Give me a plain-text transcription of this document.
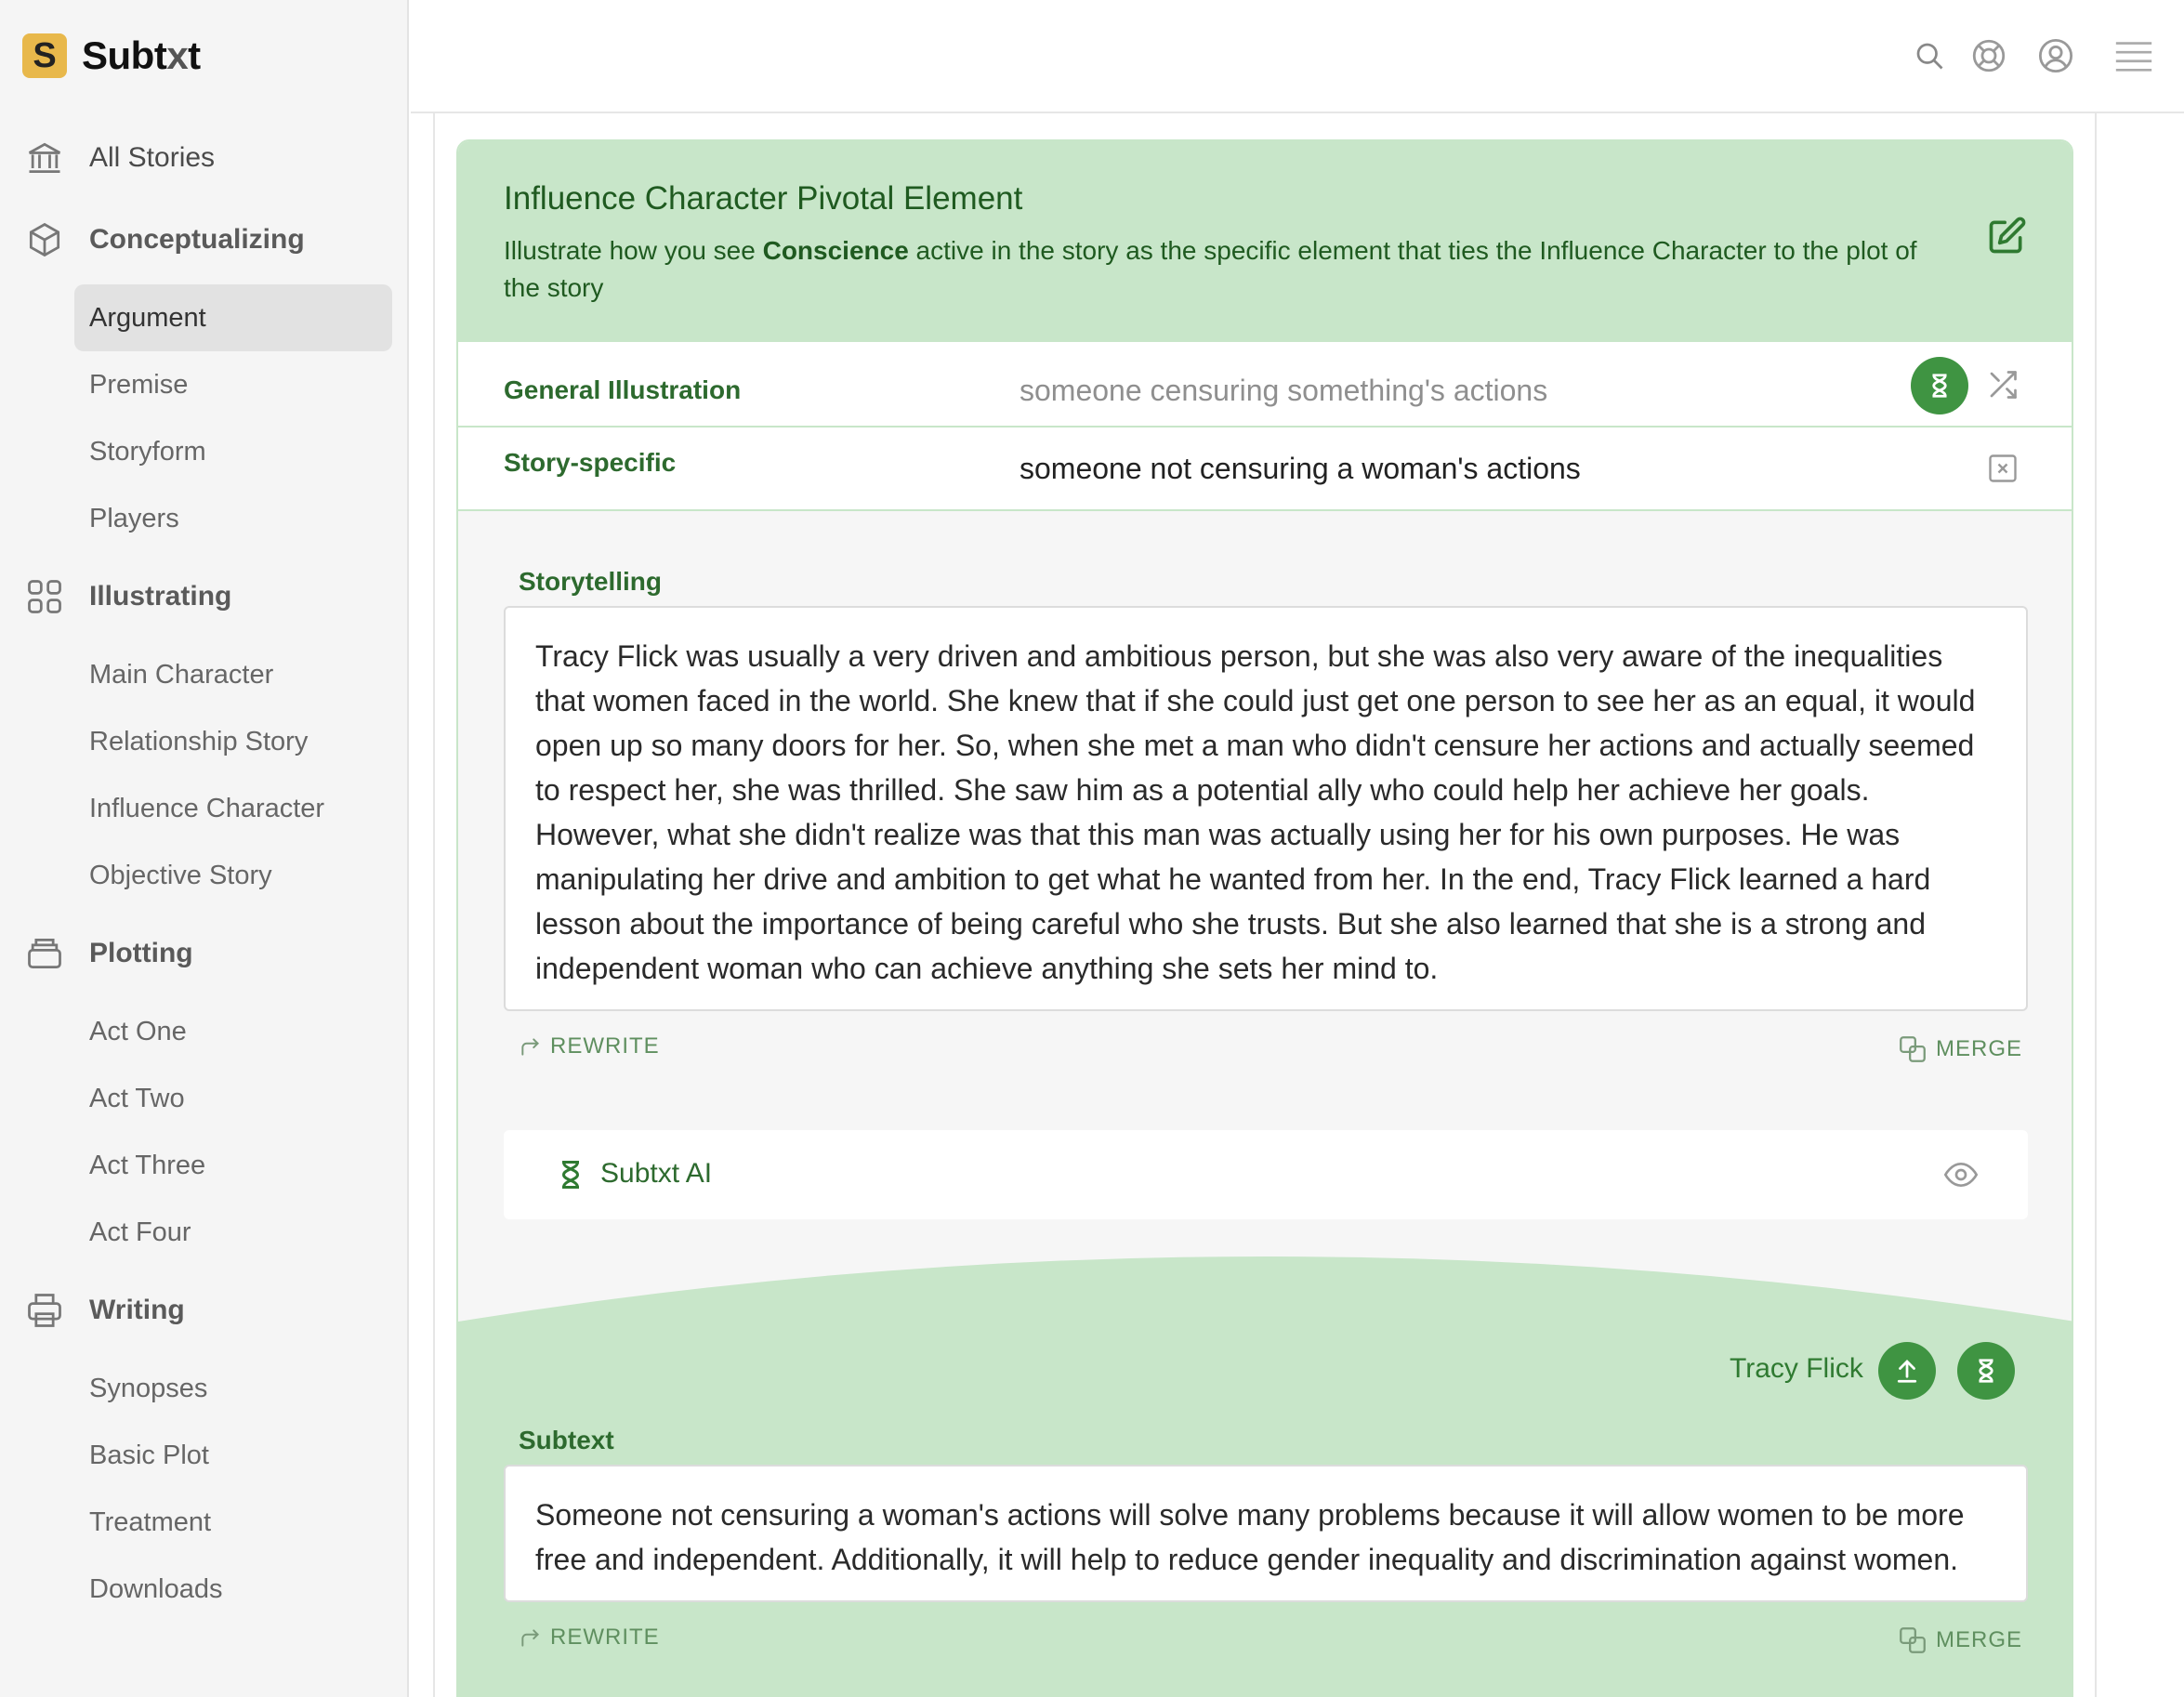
S Subtxt
All Stories
Conceptualizing
Argument
Premise
Storyform
Players
Illustrating
Main Character
Relationship Story
Influence Character
Objective Story
Plotting
Act One
Act Two
Act Three
Act Four
Writing
Synopses
Basic Plot
Treatment
Downloads
Influence Character Pivotal Element
Illustrate how you see Conscience active in the story as the specific element that ties the Influence Character to the plot of the story
General Illustration	someone censuring something's actions
Story-specific	someone not censuring a woman's actions
Storytelling
Tracy Flick was usually a very driven and ambitious person, but she was also very aware of the inequalities that women faced in the world. She knew that if she could just get one person to see her as an equal, it would open up so many doors for her. So, when she met a man who didn't censure her actions and actually seemed to respect her, she was thrilled. She saw him as a potential ally who could help her achieve her goals. However, what she didn't realize was that this man was actually using her for his own purposes. He was manipulating her drive and ambition to get what he wanted from her. In the end, Tracy Flick learned a hard lesson about the importance of being careful who she trusts. But she also learned that she is a strong and independent woman who can achieve anything she sets her mind to.
REWRITE	MERGE
Subtxt AI
Tracy Flick
Subtext
Someone not censuring a woman's actions will solve many problems because it will allow women to be more free and independent. Additionally, it will help to reduce gender inequality and discrimination against women.
REWRITE	MERGE
